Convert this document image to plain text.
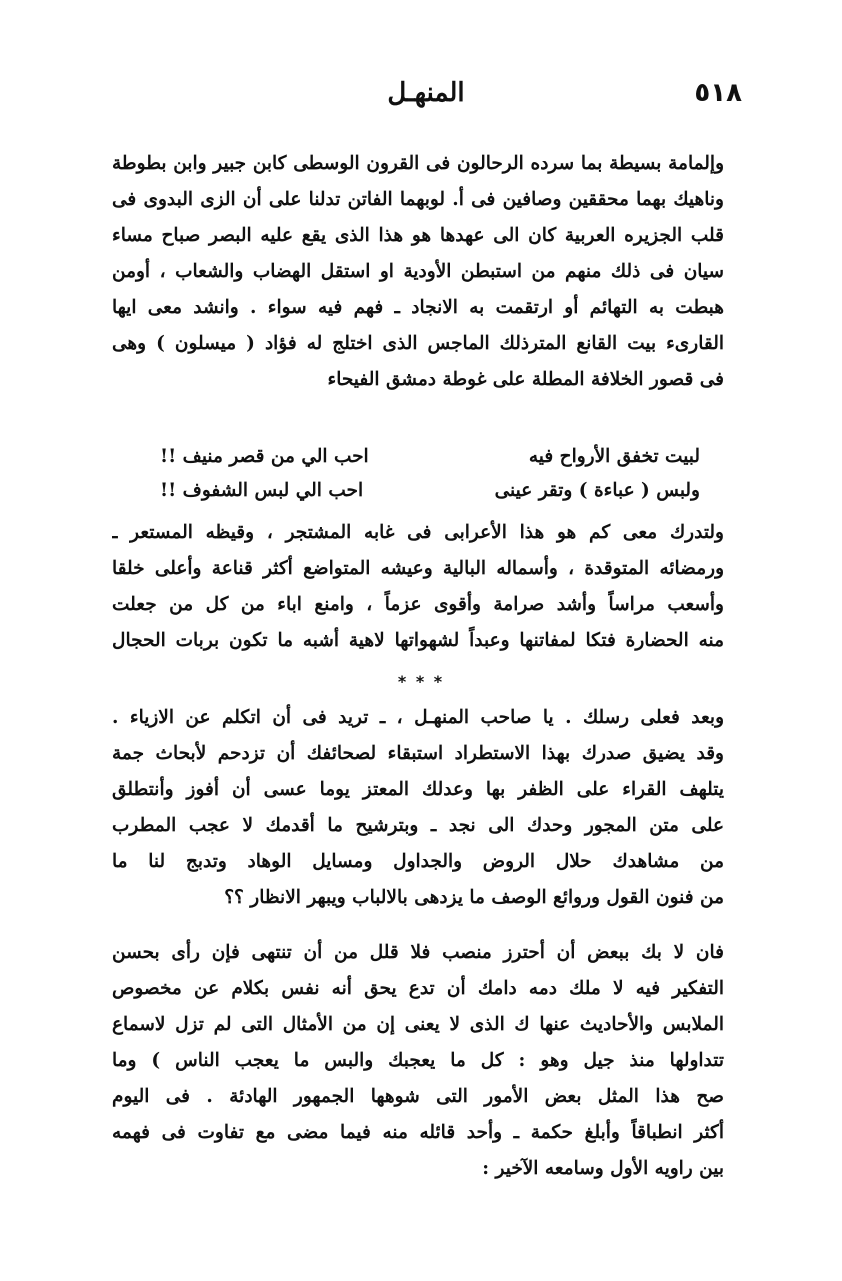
٥١٨
المنهـل
وإلمامة بسيطة بما سرده الرحالون فى القرون الوسطى كابن جبير وابن بطوطة
وناهيك بهما محققين وصافين فى أ. لوبهما الفاتن تدلنا على أن الزى البدوى فى
قلب الجزيره العربية كان الى عهدها هو هذا الذى يقع عليه البصر صباح مساء
سيان فى ذلك منهم من استبطن الأودية او استقل الهضاب والشعاب ، أومن
هبطت به التهائم أو ارتقمت به الانجاد ـ فهم فيه سواء . وانشد معى ايها
القارىء بيت القانع المترذلك الماجس الذى اختلج له فؤاد ( ميسلون ) وهى
فى قصور الخلافة المطلة على غوطة دمشق الفيحاء
لبيت تخفق الأرواح فيه
احب الي من قصر منيف !!
ولبس ( عباءة ) وتقر عينى
احب الي لبس الشفوف !!
ولتدرك معى كم هو هذا الأعرابى فى غابه المشتجر ، وقيظه المستعر ـ
ورمضائه المتوقدة ، وأسماله البالية وعيشه المتواضع أكثر قناعة وأعلى خلقا
وأسعب مراساً وأشد صرامة وأقوى عزماً ، وامنع اباء من كل من جعلت
منه الحضارة فتكا لمفاتنها وعبداً لشهواتها لاهية أشبه ما تكون بربات الحجال
* * *
وبعد فعلى رسلك . يا صاحب المنهـل ، ـ تريد فى أن اتكلم عن الازياء .
وقد يضيق صدرك بهذا الاستطراد استبقاء لصحائفك أن تزدحم لأبحاث جمة
يتلهف القراء على الظفر بها وعدلك المعتز يوما عسى أن أفوز وأنتطلق
على متن المجور وحدك الى نجد ـ وبترشيح ما أقدمك لا عجب المطرب
من مشاهدك حلال الروض والجداول ومسايل الوهاد وتدبج لنا ما
من فنون القول وروائع الوصف ما يزدهى بالالباب ويبهر الانظار ؟؟
فان لا بك ببعض أن أحترز منصب فلا قلل من أن تنتهى فإن رأى بحسن
التفكير فيه لا ملك دمه دامك أن تدع يحق أنه نفس بكلام عن مخصوص
الملابس والأحاديث عنها ك الذى لا يعنى إن من الأمثال التى لم تزل لاسماع
تتداولها منذ جيل وهو : كل ما يعجبك والبس ما يعجب الناس ) وما
صح هذا المثل بعض الأمور التى شوهها الجمهور الهادئة . فى اليوم
أكثر انطباقاً وأبلغ حكمة ـ وأحد قائله منه فيما مضى مع تفاوت فى فهمه
بين راويه الأول وسامعه الآخير :
